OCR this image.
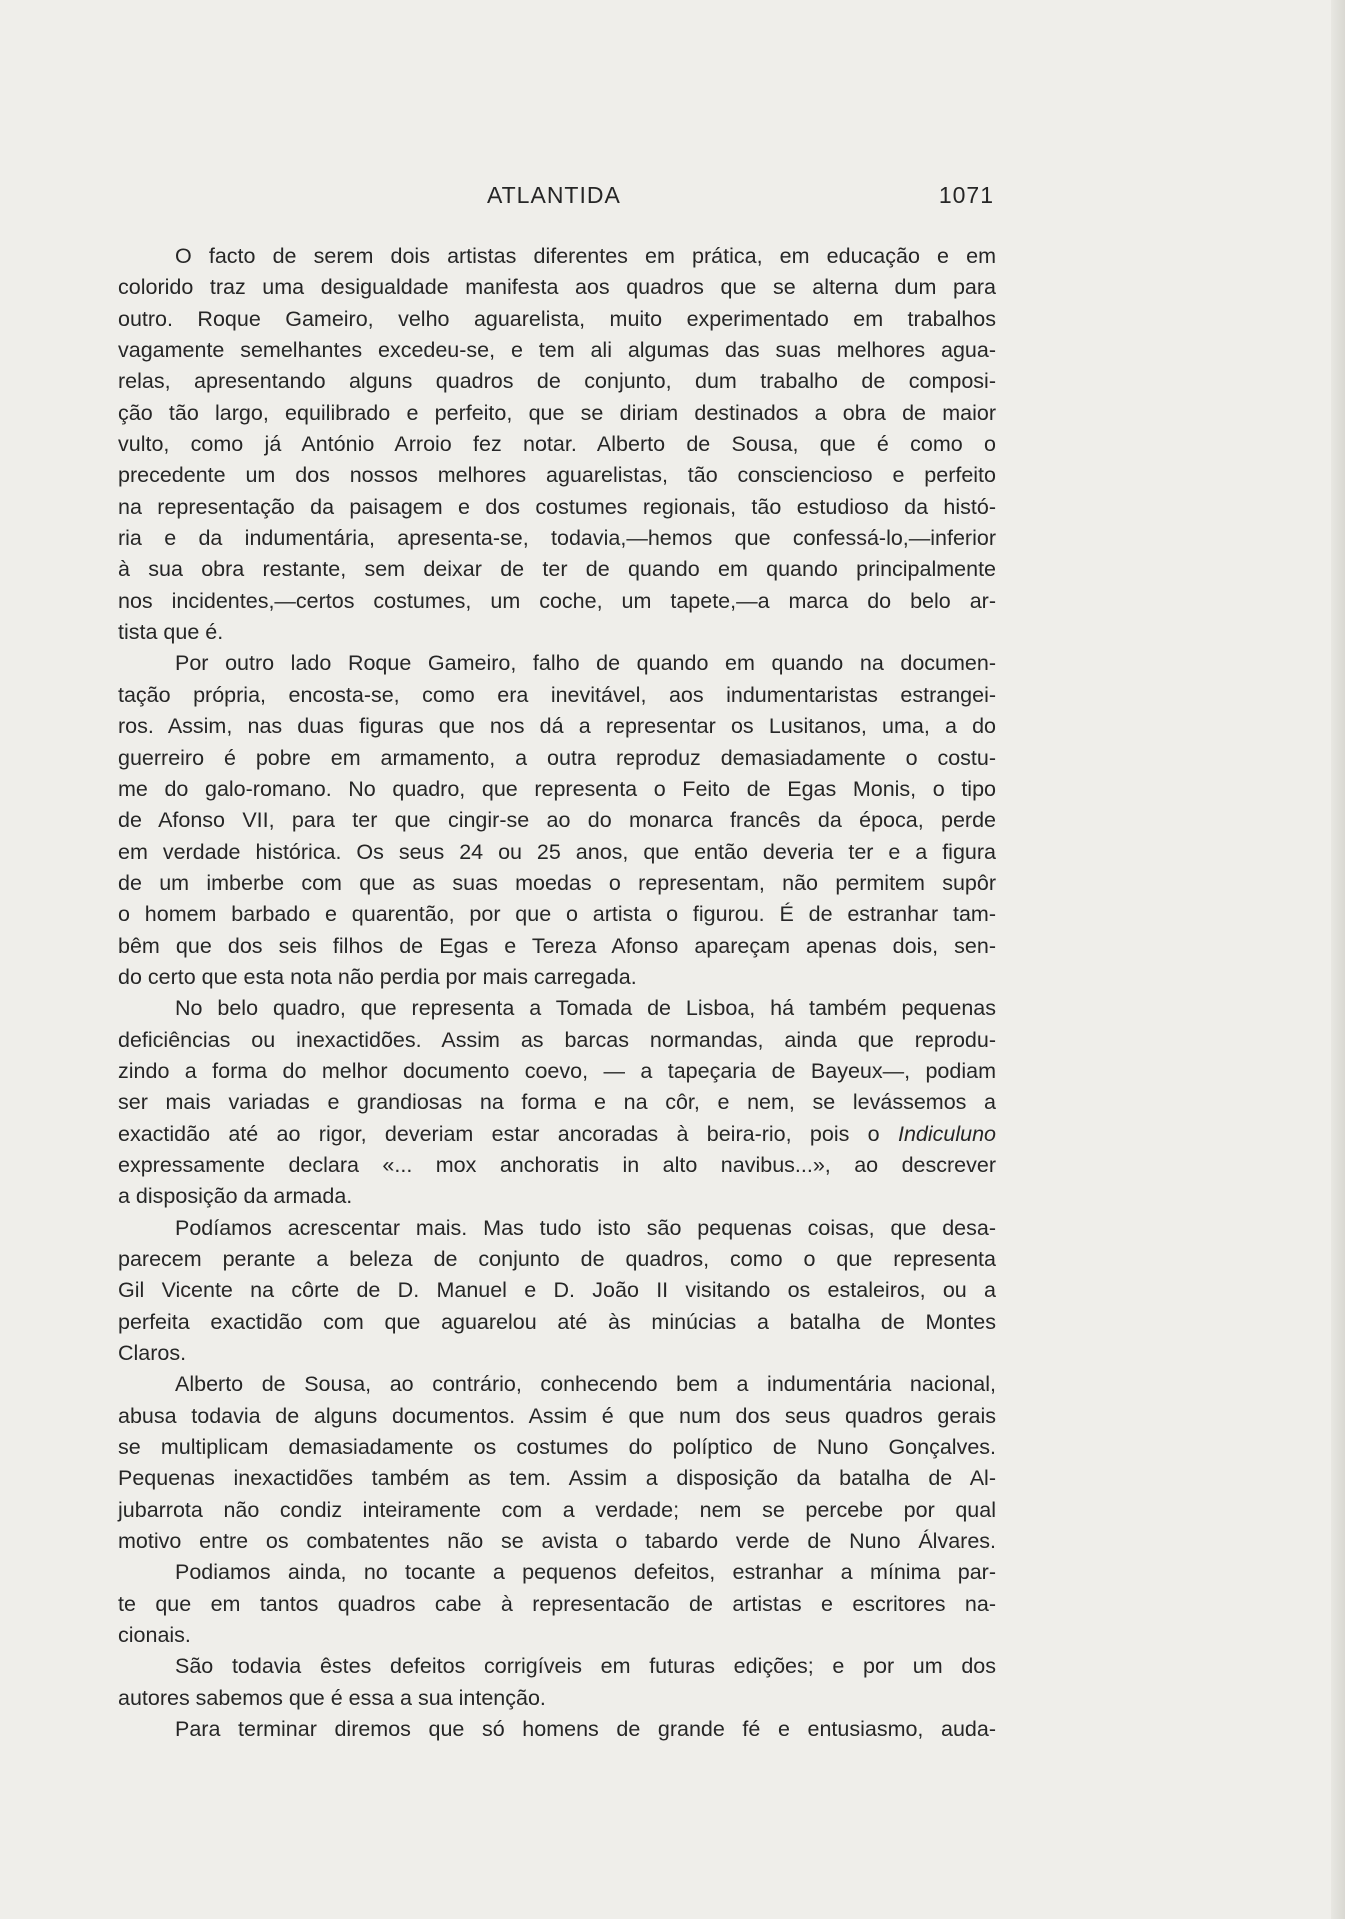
ATLANTIDA	1071
O facto de serem dois artistas diferentes em prática, em educação e em
colorido traz uma desigualdade manifesta aos quadros que se alterna dum para
outro. Roque Gameiro, velho aguarelista, muito experimentado em trabalhos
vagamente semelhantes excedeu-se, e tem ali algumas das suas melhores agua-
relas, apresentando alguns quadros de conjunto, dum trabalho de composi-
ção tão largo, equilibrado e perfeito, que se diriam destinados a obra de maior
vulto, como já António Arroio fez notar. Alberto de Sousa, que é como o
precedente um dos nossos melhores aguarelistas, tão consciencioso e perfeito
na representação da paisagem e dos costumes regionais, tão estudioso da histó-
ria e da indumentária, apresenta-se, todavia,—hemos que confessá-lo,—inferior
à sua obra restante, sem deixar de ter de quando em quando principalmente
nos incidentes,—certos costumes, um coche, um tapete,—a marca do belo ar-
tista que é.
Por outro lado Roque Gameiro, falho de quando em quando na documen-
tação própria, encosta-se, como era inevitável, aos indumentaristas estrangei-
ros. Assim, nas duas figuras que nos dá a representar os Lusitanos, uma, a do
guerreiro é pobre em armamento, a outra reproduz demasiadamente o costu-
me do galo-romano. No quadro, que representa o Feito de Egas Monis, o tipo
de Afonso VII, para ter que cingir-se ao do monarca francês da época, perde
em verdade histórica. Os seus 24 ou 25 anos, que então deveria ter e a figura
de um imberbe com que as suas moedas o representam, não permitem supôr
o homem barbado e quarentão, por que o artista o figurou. É de estranhar tam-
bêm que dos seis filhos de Egas e Tereza Afonso apareçam apenas dois, sen-
do certo que esta nota não perdia por mais carregada.
No belo quadro, que representa a Tomada de Lisboa, há também pequenas
deficiências ou inexactidões. Assim as barcas normandas, ainda que reprodu-
zindo a forma do melhor documento coevo, — a tapeçaria de Bayeux—, podiam
ser mais variadas e grandiosas na forma e na côr, e nem, se levássemos a
exactidão até ao rigor, deveriam estar ancoradas à beira-rio, pois o Indiculuno
expressamente declara «... mox anchoratis in alto navibus...», ao descrever
a disposição da armada.
Podíamos acrescentar mais. Mas tudo isto são pequenas coisas, que desa-
parecem perante a beleza de conjunto de quadros, como o que representa
Gil Vicente na côrte de D. Manuel e D. João II visitando os estaleiros, ou a
perfeita exactidão com que aguarelou até às minúcias a batalha de Montes
Claros.
Alberto de Sousa, ao contrário, conhecendo bem a indumentária nacional,
abusa todavia de alguns documentos. Assim é que num dos seus quadros gerais
se multiplicam demasiadamente os costumes do políptico de Nuno Gonçalves.
Pequenas inexactidões também as tem. Assim a disposição da batalha de Al-
jubarrota não condiz inteiramente com a verdade; nem se percebe por qual
motivo entre os combatentes não se avista o tabardo verde de Nuno Álvares.
Podiamos ainda, no tocante a pequenos defeitos, estranhar a mínima par-
te que em tantos quadros cabe à representacão de artistas e escritores na-
cionais.
São todavia êstes defeitos corrigíveis em futuras edições; e por um dos
autores sabemos que é essa a sua intenção.
Para terminar diremos que só homens de grande fé e entusiasmo, auda-
